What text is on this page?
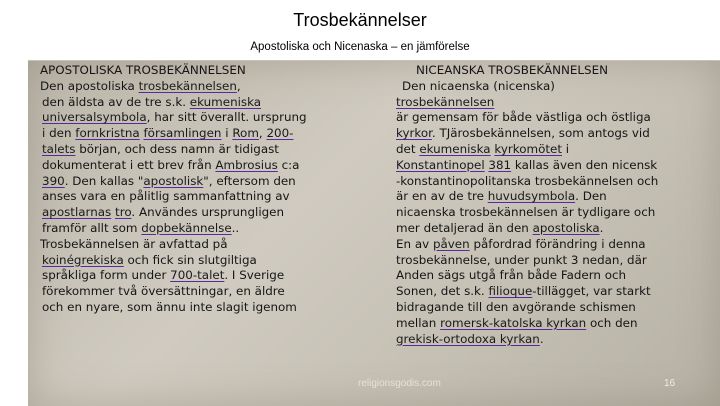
Trosbekännelser
Apostoliska och Nicenaska – en jämförelse
APOSTOLISKA TROSBEKÄNNELSEN
Den apostoliska trosbekännelsen,
den äldsta av de tre s.k. ekumeniska
universalsymbola, har sitt överallt. ursprung
i den fornkristna församlingen i Rom, 200-
talets början, och dess namn är tidigast
dokumenterat i ett brev från Ambrosius c:a
390. Den kallas "apostolisk", eftersom den
anses vara en pålitlig sammanfattning av
apostlarnas tro. Användes ursprungligen
framför allt som dopbekännelse..
Trosbekännelsen är avfattad på
koinégrekiska och fick sin slutgiltiga
språkliga form under 700-talet. I Sverige
förekommer två översättningar, en äldre
och en nyare, som ännu inte slagit igenom
NICEANSKA TROSBEKÄNNELSEN
Den nicaenska (nicenska)
trosbekännelsen
är gemensam för både västliga och östliga
kyrkor. TJärosbekännelsen, som antogs vid
det ekumeniska kyrkomötet i
Konstantinopel 381 kallas även den nicensk
-konstantinopolitanska trosbekännelsen och
är en av de tre huvudsymbola. Den
nicaenska trosbekännelsen är tydligare och
mer detaljerad än den apostoliska.
En av påven påfordrad förändring i denna
trosbekännelse, under punkt 3 nedan, där
Anden sägs utgå från både Fadern och
Sonen, det s.k. filioque-tillägget, var starkt
bidragande till den avgörande schismen
mellan romersk-katolska kyrkan och den
grekisk-ortodoxa kyrkan.
religionsgodis.com	16
